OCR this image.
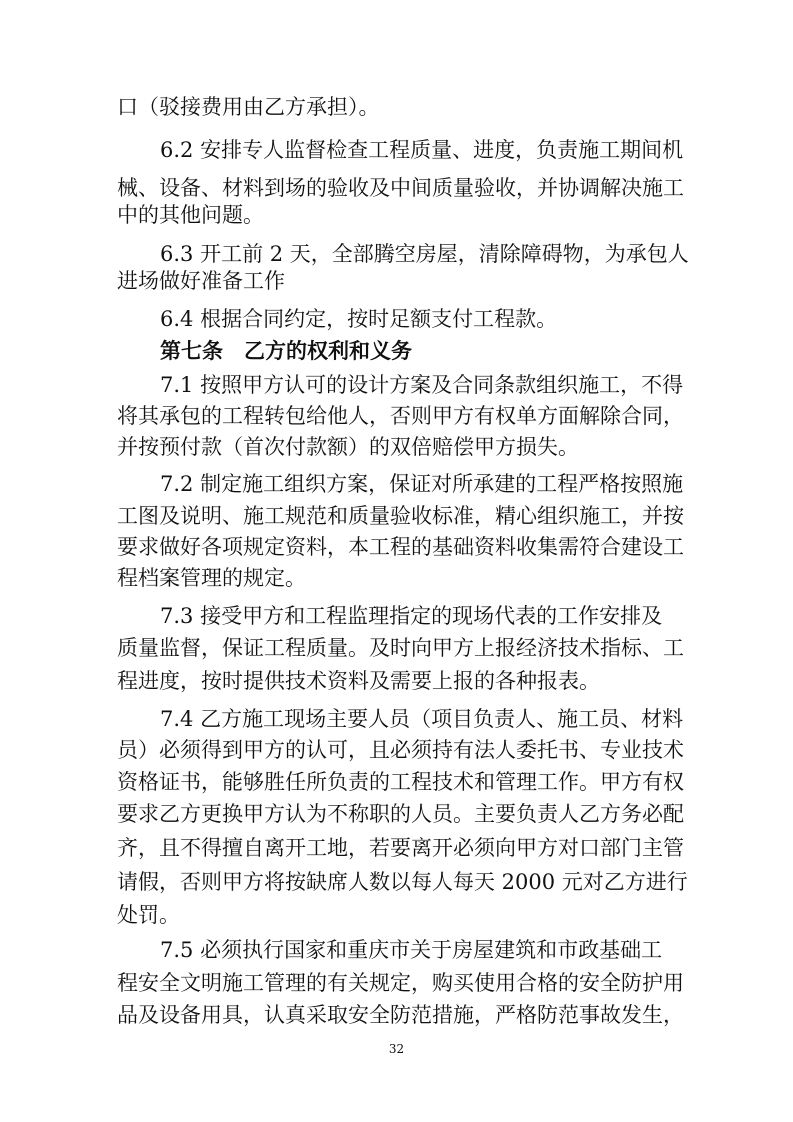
口（驳接费用由乙方承担）。
6.2 安排专人监督检查工程质量、进度，负责施工期间机
械、设备、材料到场的验收及中间质量验收，并协调解决施工
中的其他问题。
6.3 开工前 2 天，全部腾空房屋，清除障碍物，为承包人
进场做好准备工作
6.4 根据合同约定，按时足额支付工程款。
第七条　乙方的权利和义务
7.1 按照甲方认可的设计方案及合同条款组织施工，不得
将其承包的工程转包给他人，否则甲方有权单方面解除合同，
并按预付款（首次付款额）的双倍赔偿甲方损失。
7.2 制定施工组织方案，保证对所承建的工程严格按照施
工图及说明、施工规范和质量验收标准，精心组织施工，并按
要求做好各项规定资料，本工程的基础资料收集需符合建设工
程档案管理的规定。
7.3 接受甲方和工程监理指定的现场代表的工作安排及
质量监督，保证工程质量。及时向甲方上报经济技术指标、工
程进度，按时提供技术资料及需要上报的各种报表。
7.4 乙方施工现场主要人员（项目负责人、施工员、材料
员）必须得到甲方的认可，且必须持有法人委托书、专业技术
资格证书，能够胜任所负责的工程技术和管理工作。甲方有权
要求乙方更换甲方认为不称职的人员。主要负责人乙方务必配
齐，且不得擅自离开工地，若要离开必须向甲方对口部门主管
请假，否则甲方将按缺席人数以每人每天 2000 元对乙方进行
处罚。
7.5 必须执行国家和重庆市关于房屋建筑和市政基础工
程安全文明施工管理的有关规定，购买使用合格的安全防护用
品及设备用具，认真采取安全防范措施，严格防范事故发生，
32
